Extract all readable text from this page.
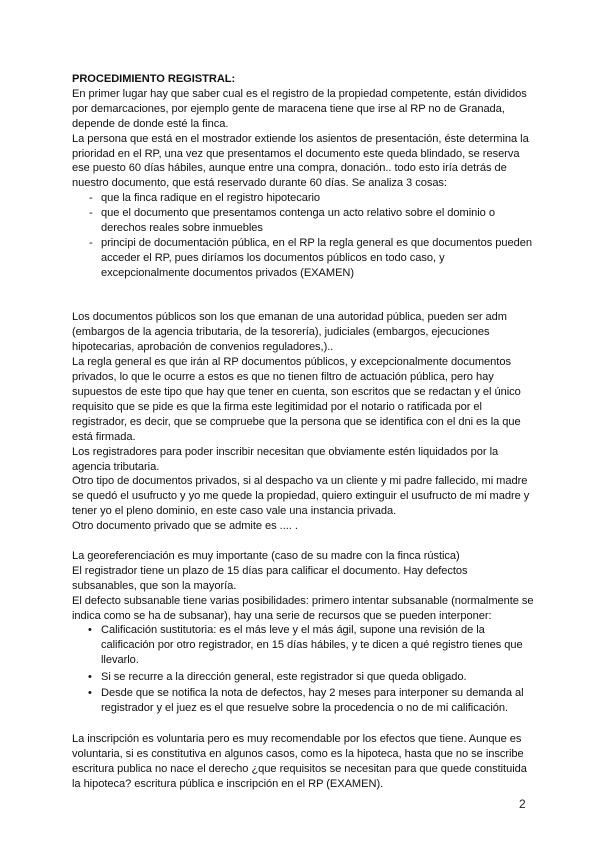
PROCEDIMIENTO REGISTRAL:

En primer lugar hay que saber cual es el registro de la propiedad competente, están divididos por demarcaciones, por ejemplo gente de maracena tiene que irse al RP no de Granada, depende de donde esté la finca.

La persona que está en el mostrador extiende los asientos de presentación, éste determina la prioridad en el RP, una vez que presentamos el documento este queda blindado, se reserva ese puesto 60 días hábiles, aunque entre una compra, donación.. todo esto iría detrás de nuestro documento, que está reservado durante 60 días. Se analiza 3 cosas:

- que la finca radique en el registro hipotecario
- que el documento que presentamos contenga un acto relativo sobre el dominio o derechos reales sobre inmuebles
- principi de documentación pública, en el RP la regla general es que documentos pueden acceder el RP, pues diríamos los documentos públicos en todo caso, y excepcionalmente documentos privados (EXAMEN)

Los documentos públicos son los que emanan de una autoridad pública, pueden ser adm (embargos de la agencia tributaria, de la tesorería), judiciales (embargos, ejecuciones hipotecarias, aprobación de convenios reguladores,)..

La regla general es que irán al RP documentos públicos, y excepcionalmente documentos privados, lo que le ocurre a estos es que no tienen filtro de actuación pública, pero hay supuestos de este tipo que hay que tener en cuenta, son escritos que se redactan y el único requisito que se pide es que la firma este legitimidad por el notario o ratificada por el registrador, es decir, que se compruebe que la persona que se identifica con el dni es la que está firmada.

Los registradores para poder inscribir necesitan que obviamente estén liquidados por la agencia tributaria.

Otro tipo de documentos privados, si al despacho va un cliente y mi padre fallecido, mi madre se quedó el usufructo y yo me quede la propiedad, quiero extinguir el usufructo de mi madre y tener yo el pleno dominio, en este caso vale una instancia privada.

Otro documento privado que se admite es .... .

La georeferenciación es muy importante (caso de su madre con la finca rústica)

El registrador tiene un plazo de 15 días para calificar el documento. Hay defectos subsanables, que son la mayoría.

El defecto subsanable tiene varias posibilidades: primero intentar subsanable (normalmente se indica como se ha de subsanar), hay una serie de recursos que se pueden interponer:

• Calificación sustitutoria: es el más leve y el más ágil, supone una revisión de la calificación por otro registrador, en 15 días hábiles, y te dicen a qué registro tienes que llevarlo.
• Si se recurre a la dirección general, este registrador si que queda obligado.
• Desde que se notifica la nota de defectos, hay 2 meses para interponer su demanda al registrador y el juez es el que resuelve sobre la procedencia o no de mi calificación.

La inscripción es voluntaria pero es muy recomendable por los efectos que tiene. Aunque es voluntaria, si es constitutiva en algunos casos, como es la hipoteca, hasta que no se inscribe escritura publica no nace el derecho ¿que requisitos se necesitan para que quede constituida la hipoteca? escritura pública e inscripción en el RP (EXAMEN).

2
